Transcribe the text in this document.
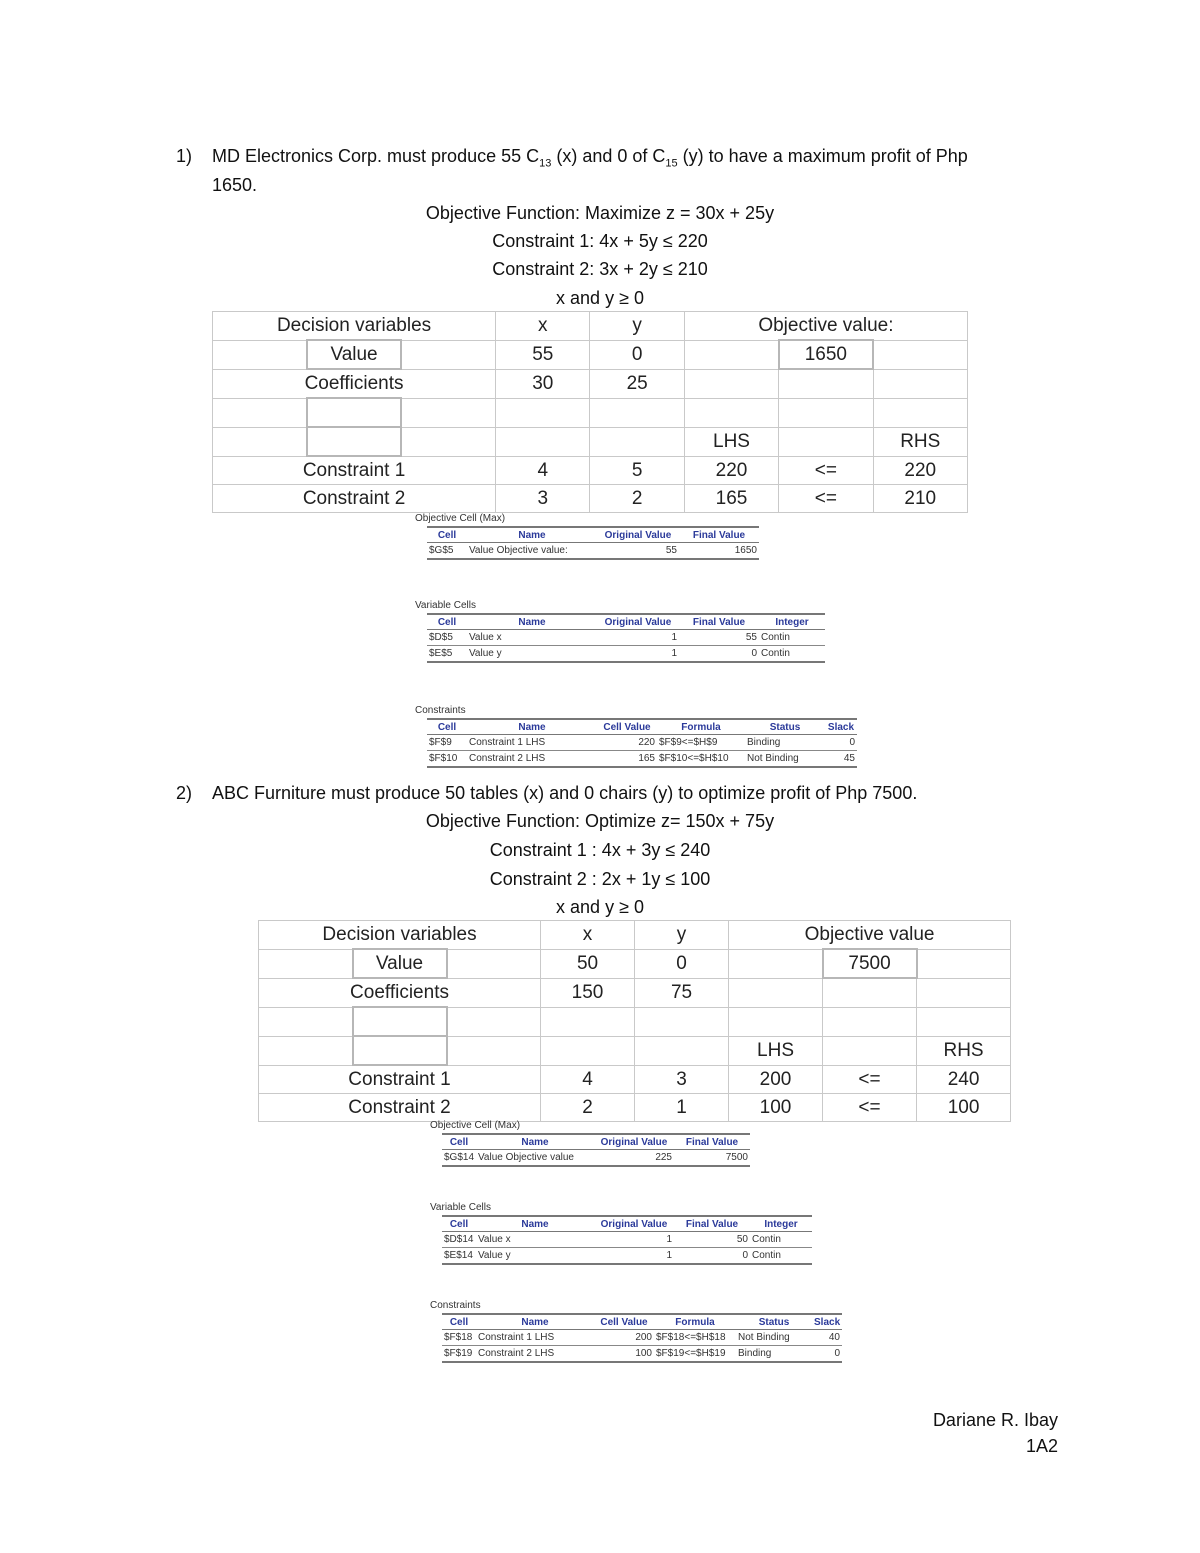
1)	MD Electronics Corp. must produce 55 $C_{13}$ (x) and 0 of $C_{15}$ (y) to have a maximum profit of Php
1650.
Objective Function: Maximize z = 30x + 25y
Constraint 1: 4x + 5y ≤ 220
Constraint 2: 3x + 2y ≤ 210
x and y ≥ 0
Decision variables			x	y	Objective value:		
	Value		55	0		1650	
Coefficients			30	25			

					LHS		RHS
Constraint 1			4	5	220	<=	220
Constraint 2			3	2	165	<=	210
Objective Cell (Max)
Cell	Name	Original Value	Final Value
$G$5	Value Objective value:	55	1650
Variable Cells
Cell	Name	Original Value	Final Value	Integer
$D$5	Value x	1	55	Contin
$E$5	Value y	1	0	Contin
Constraints
Cell	Name	Cell Value	Formula	Status	Slack
$F$9	Constraint 1 LHS	220	$F$9<=$H$9	Binding	0
$F$10	Constraint 2 LHS	165	$F$10<=$H$10	Not Binding	45
2)	ABC Furniture must produce 50 tables (x) and 0 chairs (y) to optimize profit of Php 7500.
Objective Function: Optimize z= 150x + 75y
Constraint 1 : 4x + 3y ≤ 240
Constraint 2 : 2x + 1y ≤ 100
x and y ≥ 0
Decision variables			x	y	Objective value		
	Value		50	0		7500	
Coefficients			150	75			

					LHS		RHS
Constraint 1			4	3	200	<=	240
Constraint 2			2	1	100	<=	100
Objective Cell (Max)
Cell	Name	Original Value	Final Value
$G$14	Value Objective value	225	7500
Variable Cells
Cell	Name	Original Value	Final Value	Integer
$D$14	Value x	1	50	Contin
$E$14	Value y	1	0	Contin
Constraints
Cell	Name	Cell Value	Formula	Status	Slack
$F$18	Constraint 1 LHS	200	$F$18<=$H$18	Not Binding	40
$F$19	Constraint 2 LHS	100	$F$19<=$H$19	Binding	0
Dariane R. Ibay
1A2
